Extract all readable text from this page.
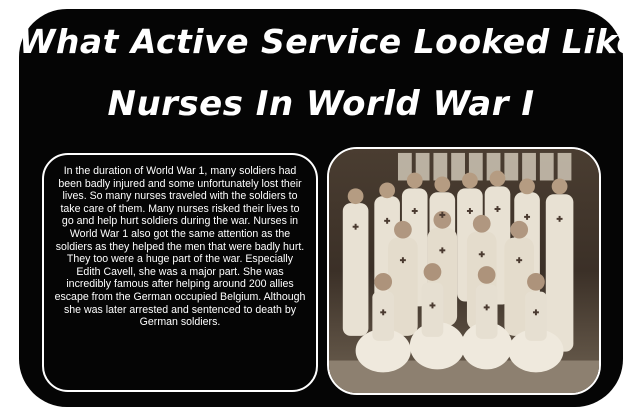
What Active Service Looked Like
Nurses In World War I

In the duration of World War 1, many soldiers had been badly injured and some unfortunately lost their lives. So many nurses traveled with the soldiers to take care of them. Many nurses risked their lives to go and help hurt soldiers during the war. Nurses in World War 1 also got the same attention as the soldiers as they helped the men that were badly hurt. They too were a huge part of the war. Especially Edith Cavell, she was a major part. She was incredibly famous after helping around 200 allies escape from the German occupied Belgium. Although she was later arrested and sentenced to death by German soldiers.
